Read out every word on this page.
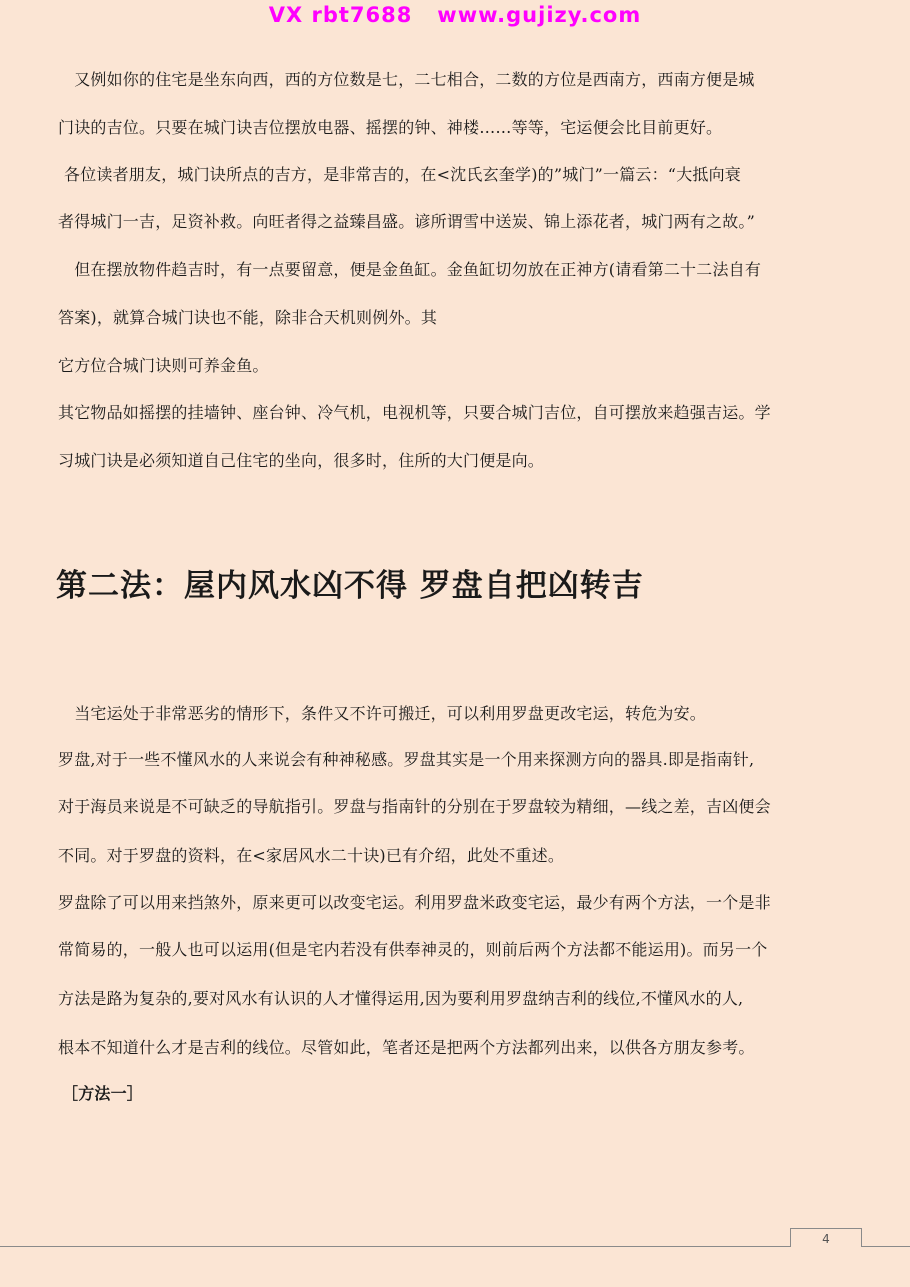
VX rbt7688   www.gujizy.com
　又例如你的住宅是坐东向西，西的方位数是七，二七相合，二数的方位是西南方，西南方便是城
门诀的吉位。只要在城门诀吉位摆放电器、摇摆的钟、神楼……等等，宅运便会比目前更好。
各位读者朋友，城门诀所点的吉方，是非常吉的，在<沈氏玄奎学)的”城门”一篇云：“大抵向衰
者得城门一吉，足资补救。向旺者得之益臻昌盛。谚所谓雪中送炭、锦上添花者，城门两有之故。”
　但在摆放物件趋吉时，有一点要留意，便是金鱼缸。金鱼缸切勿放在正神方(请看第二十二法自有
答案)，就算合城门诀也不能，除非合天机则例外。其
它方位合城门诀则可养金鱼。
其它物品如摇摆的挂墙钟、座台钟、冷气机，电视机等，只要合城门吉位，自可摆放来趋强吉运。学
习城门诀是必须知道自己住宅的坐向，很多时，住所的大门便是向。
第二法：屋内风水凶不得 罗盘自把凶转吉
　当宅运处于非常恶劣的情形下，条件又不许可搬迁，可以利用罗盘更改宅运，转危为安。
罗盘,对于一些不懂风水的人来说会有种神秘感。罗盘其实是一个用来探测方向的器具.即是指南针,
对于海员来说是不可缺乏的导航指引。罗盘与指南针的分别在于罗盘较为精细，—线之差，吉凶便会
不同。对于罗盘的资料，在<家居风水二十诀)已有介绍，此处不重述。
罗盘除了可以用来挡煞外，原来更可以改变宅运。利用罗盘米政变宅运，最少有两个方法，一个是非
常简易的，一般人也可以运用(但是宅内若没有供奉神灵的，则前后两个方法都不能运用)。而另一个
方法是路为复杂的,要对风水有认识的人才懂得运用,因为要利用罗盘纳吉利的线位,不懂风水的人,
根本不知道什么才是吉利的线位。尽管如此，笔者还是把两个方法都列出来，以供各方朋友参考。
［方法一］
4
